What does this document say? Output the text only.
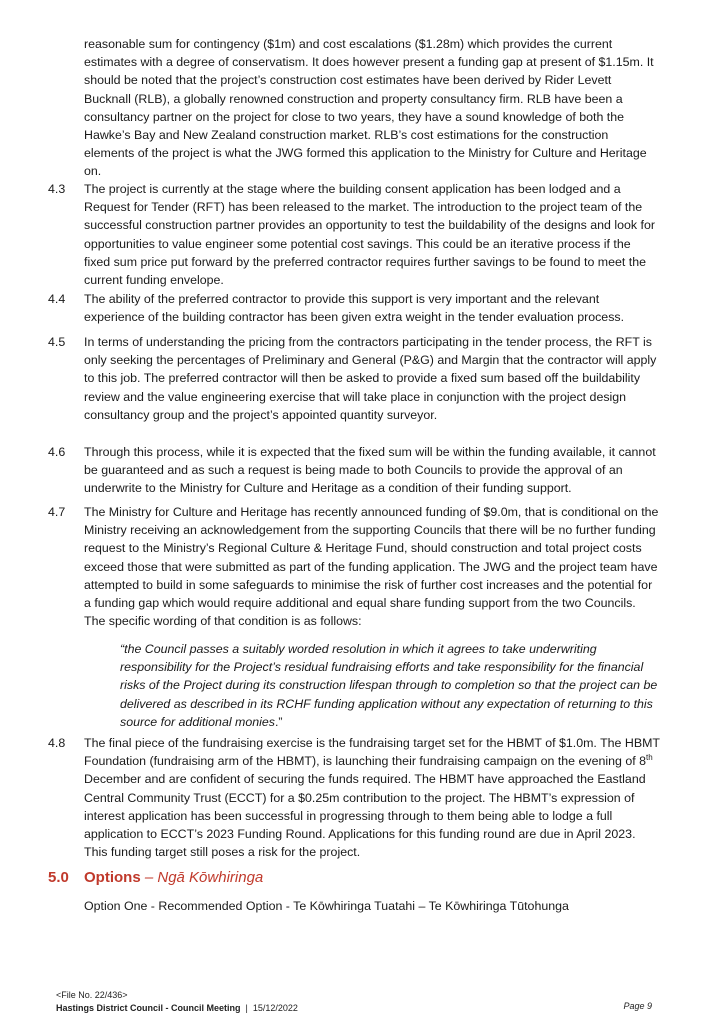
reasonable sum for contingency ($1m) and cost escalations ($1.28m) which provides the current estimates with a degree of conservatism. It does however present a funding gap at present of $1.15m. It should be noted that the project’s construction cost estimates have been derived by Rider Levett Bucknall (RLB), a globally renowned construction and property consultancy firm. RLB have been a consultancy partner on the project for close to two years, they have a sound knowledge of both the Hawke’s Bay and New Zealand construction market. RLB’s cost estimations for the construction elements of the project is what the JWG formed this application to the Ministry for Culture and Heritage on.
4.3 The project is currently at the stage where the building consent application has been lodged and a Request for Tender (RFT) has been released to the market. The introduction to the project team of the successful construction partner provides an opportunity to test the buildability of the designs and look for opportunities to value engineer some potential cost savings. This could be an iterative process if the fixed sum price put forward by the preferred contractor requires further savings to be found to meet the current funding envelope.
4.4 The ability of the preferred contractor to provide this support is very important and the relevant experience of the building contractor has been given extra weight in the tender evaluation process.
4.5 In terms of understanding the pricing from the contractors participating in the tender process, the RFT is only seeking the percentages of Preliminary and General (P&G) and Margin that the contractor will apply to this job. The preferred contractor will then be asked to provide a fixed sum based off the buildability review and the value engineering exercise that will take place in conjunction with the project design consultancy group and the project’s appointed quantity surveyor.
4.6 Through this process, while it is expected that the fixed sum will be within the funding available, it cannot be guaranteed and as such a request is being made to both Councils to provide the approval of an underwrite to the Ministry for Culture and Heritage as a condition of their funding support.
4.7 The Ministry for Culture and Heritage has recently announced funding of $9.0m, that is conditional on the Ministry receiving an acknowledgement from the supporting Councils that there will be no further funding request to the Ministry’s Regional Culture & Heritage Fund, should construction and total project costs exceed those that were submitted as part of the funding application. The JWG and the project team have attempted to build in some safeguards to minimise the risk of further cost increases and the potential for a funding gap which would require additional and equal share funding support from the two Councils. The specific wording of that condition is as follows:
“the Council passes a suitably worded resolution in which it agrees to take underwriting responsibility for the Project’s residual fundraising efforts and take responsibility for the financial risks of the Project during its construction lifespan through to completion so that the project can be delivered as described in its RCHF funding application without any expectation of returning to this source for additional monies.”
4.8 The final piece of the fundraising exercise is the fundraising target set for the HBMT of $1.0m. The HBMT Foundation (fundraising arm of the HBMT), is launching their fundraising campaign on the evening of 8th December and are confident of securing the funds required. The HBMT have approached the Eastland Central Community Trust (ECCT) for a $0.25m contribution to the project. The HBMT’s expression of interest application has been successful in progressing through to them being able to lodge a full application to ECCT’s 2023 Funding Round. Applications for this funding round are due in April 2023. This funding target still poses a risk for the project.
5.0 Options – Ngā Kōwhiringa
Option One - Recommended Option - Te Kōwhiringa Tuatahi – Te Kōwhiringa Tūtohunga
<File No. 22/436>
Hastings District Council - Council Meeting | 15/12/2022	Page 9
